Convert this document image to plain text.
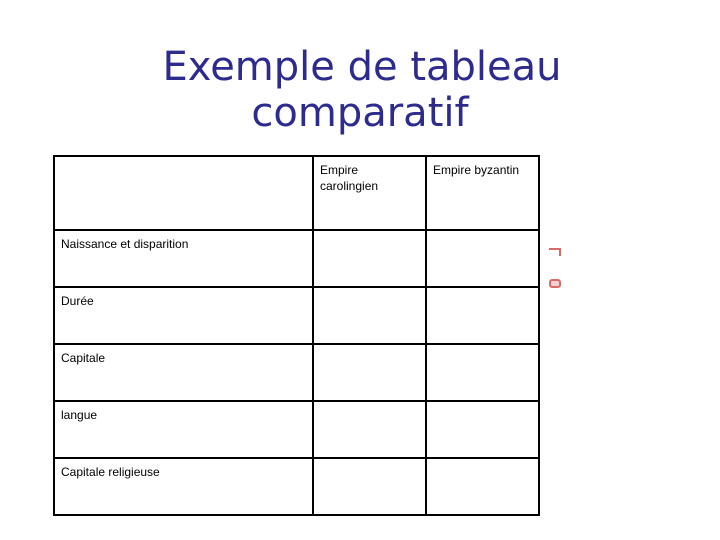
Exemple de tableau
comparatif
	Empire carolingien	Empire byzantin
Naissance et disparition		
Durée		
Capitale		
langue		
Capitale religieuse		
